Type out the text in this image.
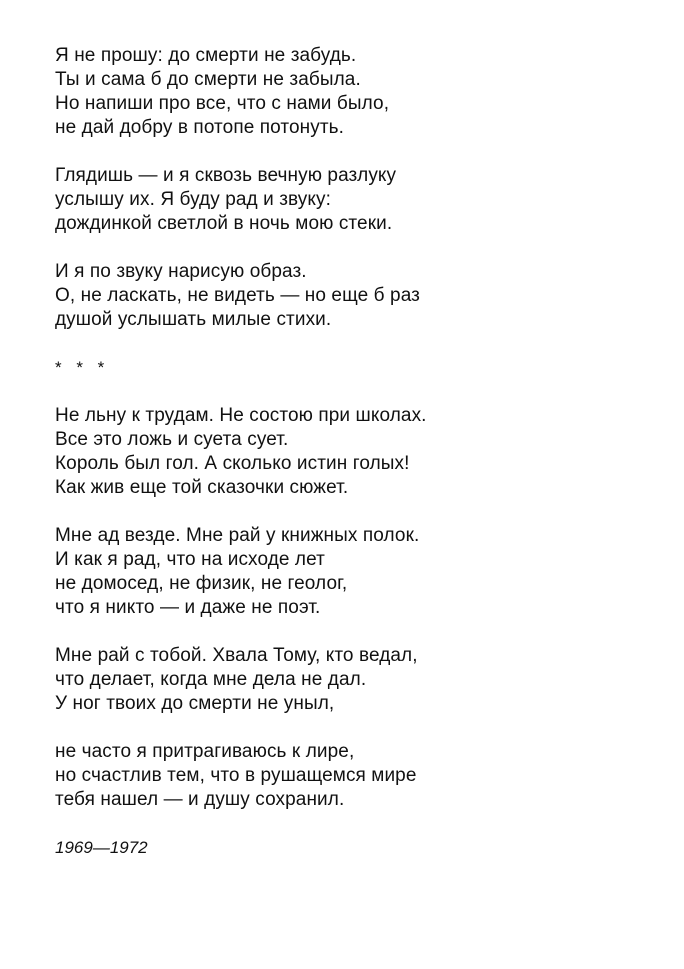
Я не прошу: до смерти не забудь.
Ты и сама б до смерти не забыла.
Но напиши про все, что с нами было,
не дай добру в потопе потонуть.
Глядишь — и я сквозь вечную разлуку
услышу их. Я буду рад и звуку:
дождинкой светлой в ночь мою стеки.
И я по звуку нарисую образ.
О, не ласкать, не видеть — но еще б раз
душой услышать милые стихи.
* * *
Не льну к трудам. Не состою при школах.
Все это ложь и суета сует.
Король был гол. А сколько истин голых!
Как жив еще той сказочки сюжет.
Мне ад везде. Мне рай у книжных полок.
И как я рад, что на исходе лет
не домосед, не физик, не геолог,
что я никто — и даже не поэт.
Мне рай с тобой. Хвала Тому, кто ведал,
что делает, когда мне дела не дал.
У ног твоих до смерти не уныл,
не часто я притрагиваюсь к лире,
но счастлив тем, что в рушащемся мире
тебя нашел — и душу сохранил.
1969—1972
